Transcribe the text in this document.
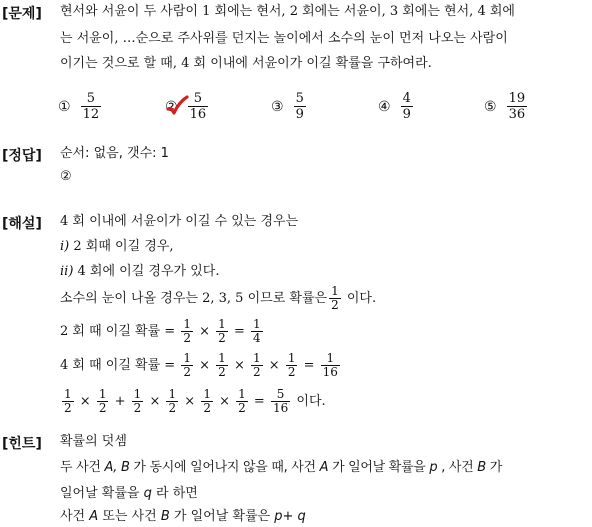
[문제] 현서와 서윤이 두 사람이 1 회에는 현서, 2 회에는 서윤이, 3 회에는 현서, 4 회에
는 서윤이, …순으로 주사위를 던지는 놀이에서 소수의 눈이 먼저 나오는 사람이
이기는 것으로 할 때, 4 회 이내에 서윤이가 이길 확률을 구하여라.
① $\frac{5}{12}$	② $\frac{5}{16}$	③ $\frac{5}{9}$	④ $\frac{4}{9}$	⑤ $\frac{19}{36}$
[정답] 순서: 없음, 갯수: 1
②
[해설] 4 회 이내에 서윤이가 이길 수 있는 경우는
i) 2 회때 이길 경우,
ii) 4 회에 이길 경우가 있다.
소수의 눈이 나올 경우는 2, 3, 5 이므로 확률은 $\frac{1}{2}$ 이다.
2 회 때 이길 확률 = $\frac{1}{2} \times \frac{1}{2} = \frac{1}{4}$
4 회 때 이길 확률 = $\frac{1}{2} \times \frac{1}{2} \times \frac{1}{2} \times \frac{1}{2} = \frac{1}{16}$
$\frac{1}{2} \times \frac{1}{2} + \frac{1}{2} \times \frac{1}{2} \times \frac{1}{2} \times \frac{1}{2} = \frac{5}{16}$ 이다.
[힌트] 확률의 덧셈
두 사건 A, B 가 동시에 일어나지 않을 때, 사건 A 가 일어날 확률을 p , 사건 B 가
일어날 확률을 q 라 하면
사건 A 또는 사건 B 가 일어날 확률은 p+ q
